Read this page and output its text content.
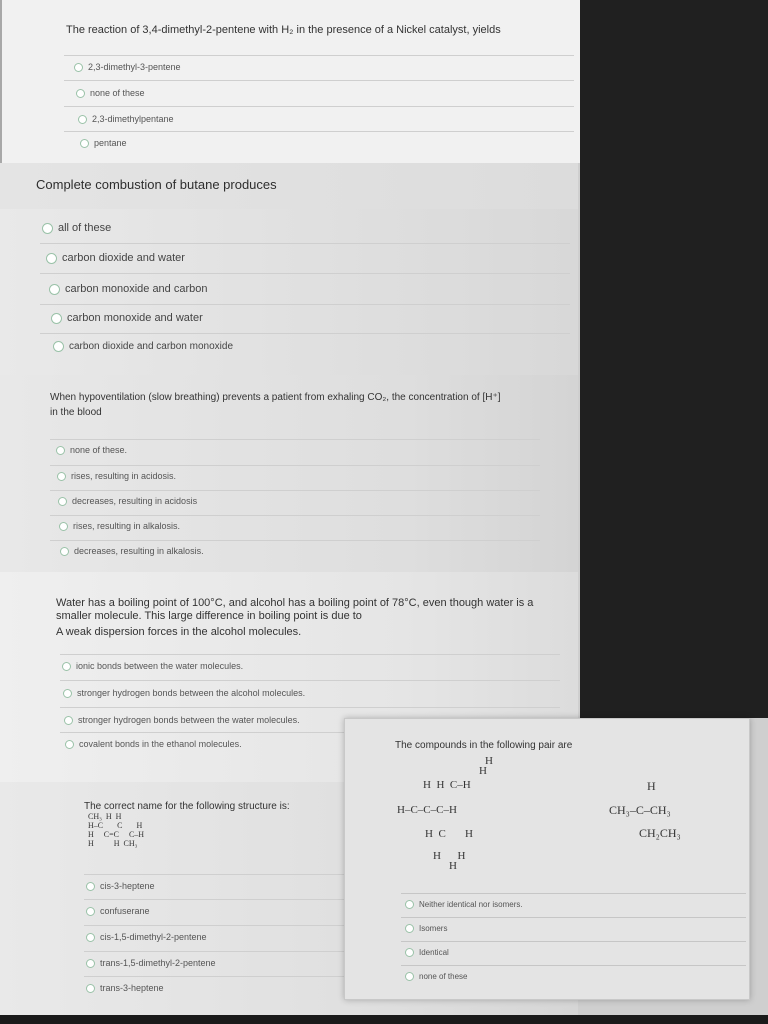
The reaction of 3,4-dimethyl-2-pentene with H₂ in the presence of a Nickel catalyst, yields
2,3-dimethyl-3-pentene
none of these
2,3-dimethylpentane
pentane
Complete combustion of butane produces
all of these
carbon dioxide and water
carbon monoxide and carbon
carbon monoxide and water
carbon dioxide and carbon monoxide
When hypoventilation (slow breathing) prevents a patient from exhaling CO₂, the concentration of [H⁺]
in the blood
none of these.
rises, resulting in acidosis.
decreases, resulting in acidosis
rises, resulting in alkalosis.
decreases, resulting in alkalosis.
Water has a boiling point of 100°C, and alcohol has a boiling point of 78°C, even though water is a
smaller molecule. This large difference in boiling point is due to
A weak dispersion forces in the alcohol molecules.
ionic bonds between the water molecules.
stronger hydrogen bonds between the alcohol molecules.
stronger hydrogen bonds between the water molecules.
covalent bonds in the ethanol molecules.
The correct name for the following structure is:
CH₃  H  H
H–C       C       H
H     C=C     C–H
H          H  CH₃
cis-3-heptene
confuserane
cis-1,5-dimethyl-2-pentene
trans-1,5-dimethyl-2-pentene
trans-3-heptene
The compounds in the following pair are
H
H
H  H  C–H
H–C–C–C–H
H  C       H
H      H
H
H
CH₃–C–CH₃
CH₂CH₃
Neither identical nor isomers.
Isomers
Identical
none of these
